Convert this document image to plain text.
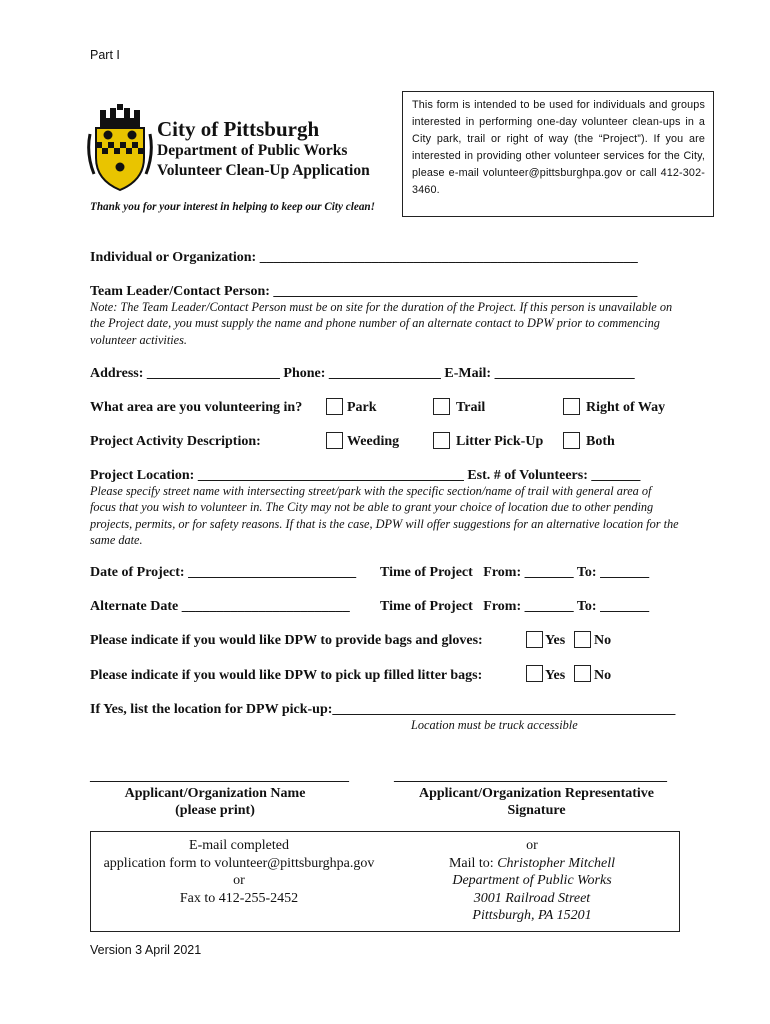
Part I
City of Pittsburgh
Department of Public Works
Volunteer Clean-Up Application
Thank you for your interest in helping to keep our City clean!
This form is intended to be used for individuals and groups interested in performing one-day volunteer clean-ups in a City park, trail or right of way (the “Project”). If you are interested in providing other volunteer services for the City, please e-mail volunteer@pittsburghpa.gov or call 412-302-3460.
Individual or Organization: ______________________________________________________
Team Leader/Contact Person: ____________________________________________________
Note: The Team Leader/Contact Person must be on site for the duration of the Project. If this person is unavailable on the Project date, you must supply the name and phone number of an alternate contact to DPW prior to commencing volunteer activities.
Address: ___________________ Phone: ________________ E-Mail: ____________________
What area are you volunteering in?	Park	Trail	Right of Way
Project Activity Description:	Weeding	Litter Pick-Up	Both
Project Location: ______________________________________ Est. # of Volunteers: _______
Please specify street name with intersecting street/park with the specific section/name of trail with general area of focus that you wish to volunteer in. The City may not be able to grant your choice of location due to other pending projects, permits, or for safety reasons. If that is the case, DPW will offer suggestions for an alternative location for the same date.
Date of Project: ________________________ Time of Project   From: _______ To: _______
Alternate Date ________________________ Time of Project   From: _______ To: _______
Please indicate if you would like DPW to provide bags and gloves:	Yes No
Please indicate if you would like DPW to pick up filled litter bags:	Yes No
If Yes, list the location for DPW pick-up:_________________________________________________
Location must be truck accessible
_____________________________________	_______________________________________
Applicant/Organization Name
(please print)
Applicant/Organization Representative
Signature
E-mail completed
application form to volunteer@pittsburghpa.gov
or
Fax to 412-255-2452
or
Mail to: Christopher Mitchell
Department of Public Works
3001 Railroad Street
Pittsburgh, PA 15201
Version 3 April 2021
